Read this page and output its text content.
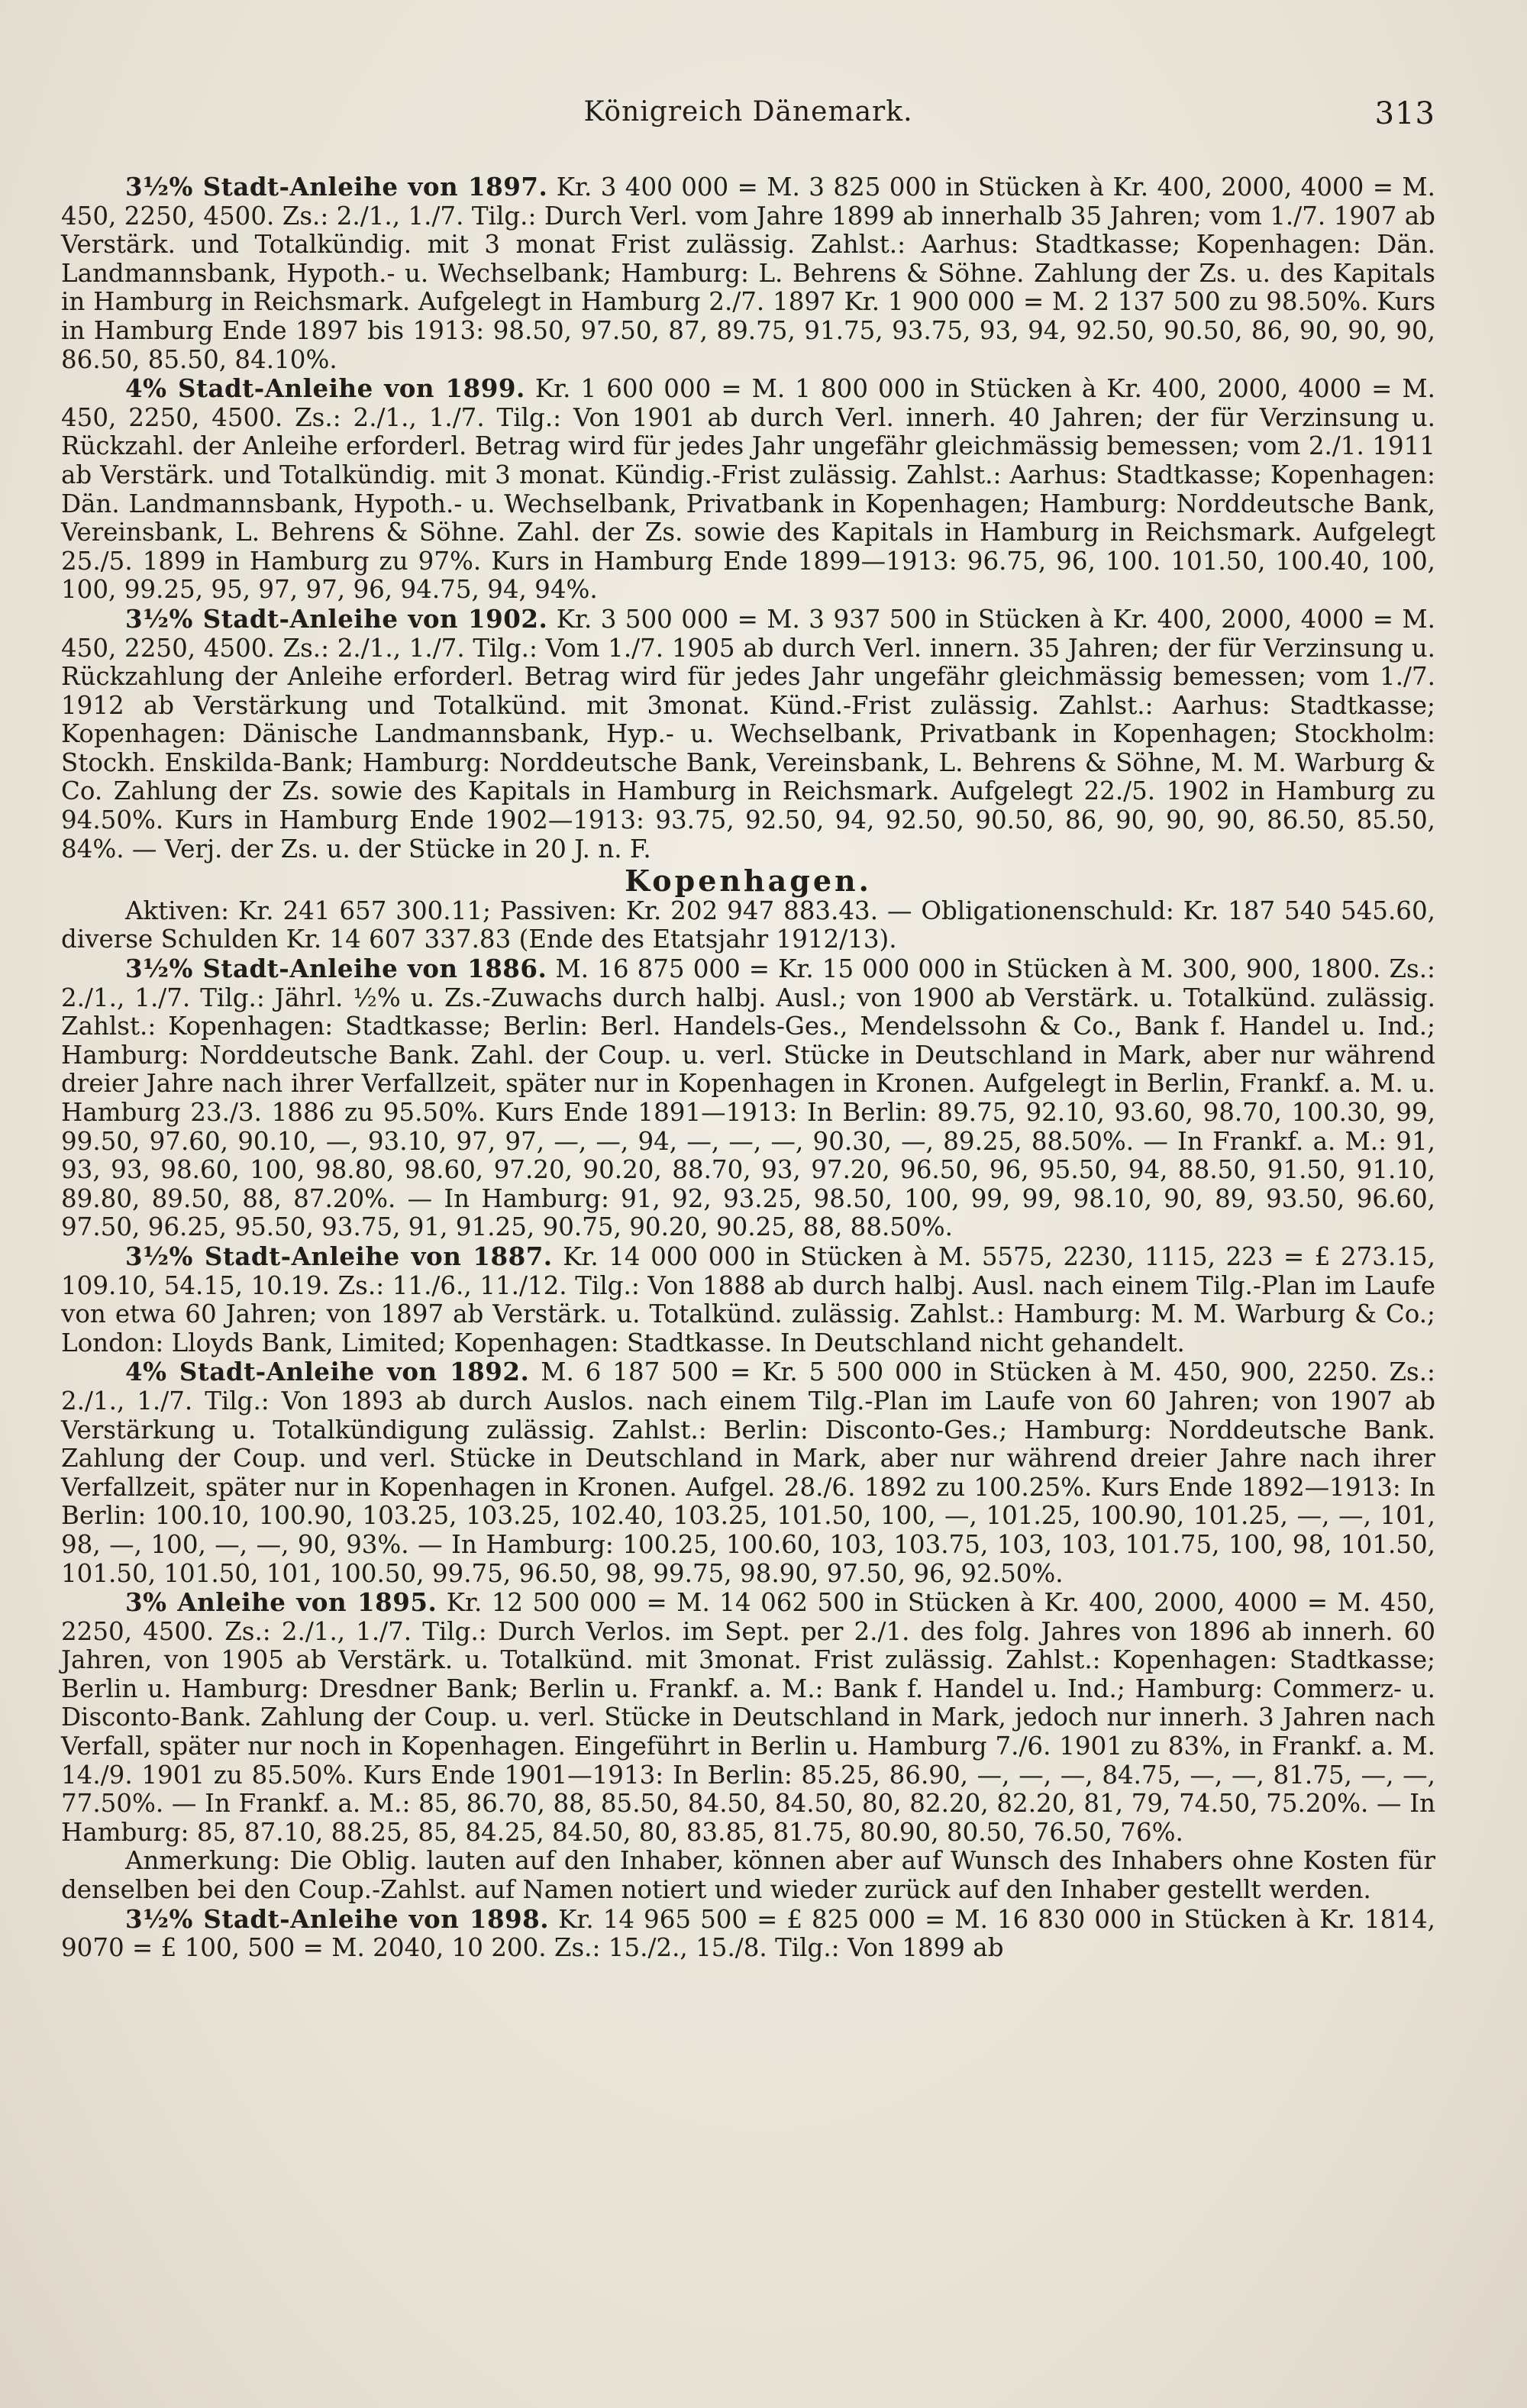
Königreich Dänemark.	313

3½% Stadt-Anleihe von 1897. Kr. 3 400 000 = M. 3 825 000 in Stücken à Kr. 400, 2000, 4000 = M. 450, 2250, 4500. Zs.: 2./1., 1./7. Tilg.: Durch Verl. vom Jahre 1899 ab innerhalb 35 Jahren; vom 1./7. 1907 ab Verstärk. und Totalkündig. mit 3 monat Frist zulässig. Zahlst.: Aarhus: Stadtkasse; Kopenhagen: Dän. Landmannsbank, Hypoth.- u. Wechselbank; Hamburg: L. Behrens & Söhne. Zahlung der Zs. u. des Kapitals in Hamburg in Reichsmark. Aufgelegt in Hamburg 2./7. 1897 Kr. 1 900 000 = M. 2 137 500 zu 98.50%. Kurs in Hamburg Ende 1897 bis 1913: 98.50, 97.50, 87, 89.75, 91.75, 93.75, 93, 94, 92.50, 90.50, 86, 90, 90, 90, 86.50, 85.50, 84.10%.

4% Stadt-Anleihe von 1899. Kr. 1 600 000 = M. 1 800 000 in Stücken à Kr. 400, 2000, 4000 = M. 450, 2250, 4500. Zs.: 2./1., 1./7. Tilg.: Von 1901 ab durch Verl. innerh. 40 Jahren; der für Verzinsung u. Rückzahl. der Anleihe erforderl. Betrag wird für jedes Jahr ungefähr gleichmässig bemessen; vom 2./1. 1911 ab Verstärk. und Totalkündig. mit 3 monat. Kündig.-Frist zulässig. Zahlst.: Aarhus: Stadtkasse; Kopenhagen: Dän. Landmannsbank, Hypoth.- u. Wechselbank, Privatbank in Kopenhagen; Hamburg: Norddeutsche Bank, Vereinsbank, L. Behrens & Söhne. Zahl. der Zs. sowie des Kapitals in Hamburg in Reichsmark. Aufgelegt 25./5. 1899 in Hamburg zu 97%. Kurs in Hamburg Ende 1899—1913: 96.75, 96, 100. 101.50, 100.40, 100, 100, 99.25, 95, 97, 97, 96, 94.75, 94, 94%.

3½% Stadt-Anleihe von 1902. Kr. 3 500 000 = M. 3 937 500 in Stücken à Kr. 400, 2000, 4000 = M. 450, 2250, 4500. Zs.: 2./1., 1./7. Tilg.: Vom 1./7. 1905 ab durch Verl. innern. 35 Jahren; der für Verzinsung u. Rückzahlung der Anleihe erforderl. Betrag wird für jedes Jahr ungefähr gleichmässig bemessen; vom 1./7. 1912 ab Verstärkung und Totalkünd. mit 3monat. Künd.-Frist zulässig. Zahlst.: Aarhus: Stadtkasse; Kopenhagen: Dänische Landmannsbank, Hyp.- u. Wechselbank, Privatbank in Kopenhagen; Stockholm: Stockh. Enskilda-Bank; Hamburg: Norddeutsche Bank, Vereinsbank, L. Behrens & Söhne, M. M. Warburg & Co. Zahlung der Zs. sowie des Kapitals in Hamburg in Reichsmark. Aufgelegt 22./5. 1902 in Hamburg zu 94.50%. Kurs in Hamburg Ende 1902—1913: 93.75, 92.50, 94, 92.50, 90.50, 86, 90, 90, 90, 86.50, 85.50, 84%. — Verj. der Zs. u. der Stücke in 20 J. n. F.

Kopenhagen.

Aktiven: Kr. 241 657 300.11; Passiven: Kr. 202 947 883.43. — Obligationenschuld: Kr. 187 540 545.60, diverse Schulden Kr. 14 607 337.83 (Ende des Etatsjahr 1912/13).

3½% Stadt-Anleihe von 1886. M. 16 875 000 = Kr. 15 000 000 in Stücken à M. 300, 900, 1800. Zs.: 2./1., 1./7. Tilg.: Jährl. ½% u. Zs.-Zuwachs durch halbj. Ausl.; von 1900 ab Verstärk. u. Totalkünd. zulässig. Zahlst.: Kopenhagen: Stadtkasse; Berlin: Berl. Handels-Ges., Mendelssohn & Co., Bank f. Handel u. Ind.; Hamburg: Norddeutsche Bank. Zahl. der Coup. u. verl. Stücke in Deutschland in Mark, aber nur während dreier Jahre nach ihrer Verfallzeit, später nur in Kopenhagen in Kronen. Aufgelegt in Berlin, Frankf. a. M. u. Hamburg 23./3. 1886 zu 95.50%. Kurs Ende 1891—1913: In Berlin: 89.75, 92.10, 93.60, 98.70, 100.30, 99, 99.50, 97.60, 90.10, —, 93.10, 97, 97, —, —, 94, —, —, —, 90.30, —, 89.25, 88.50%. — In Frankf. a. M.: 91, 93, 93, 98.60, 100, 98.80, 98.60, 97.20, 90.20, 88.70, 93, 97.20, 96.50, 96, 95.50, 94, 88.50, 91.50, 91.10, 89.80, 89.50, 88, 87.20%. — In Hamburg: 91, 92, 93.25, 98.50, 100, 99, 99, 98.10, 90, 89, 93.50, 96.60, 97.50, 96.25, 95.50, 93.75, 91, 91.25, 90.75, 90.20, 90.25, 88, 88.50%.

3½% Stadt-Anleihe von 1887. Kr. 14 000 000 in Stücken à M. 5575, 2230, 1115, 223 = £ 273.15, 109.10, 54.15, 10.19. Zs.: 11./6., 11./12. Tilg.: Von 1888 ab durch halbj. Ausl. nach einem Tilg.-Plan im Laufe von etwa 60 Jahren; von 1897 ab Verstärk. u. Totalkünd. zulässig. Zahlst.: Hamburg: M. M. Warburg & Co.; London: Lloyds Bank, Limited; Kopenhagen: Stadtkasse. In Deutschland nicht gehandelt.

4% Stadt-Anleihe von 1892. M. 6 187 500 = Kr. 5 500 000 in Stücken à M. 450, 900, 2250. Zs.: 2./1., 1./7. Tilg.: Von 1893 ab durch Auslos. nach einem Tilg.-Plan im Laufe von 60 Jahren; von 1907 ab Verstärkung u. Totalkündigung zulässig. Zahlst.: Berlin: Disconto-Ges.; Hamburg: Norddeutsche Bank. Zahlung der Coup. und verl. Stücke in Deutschland in Mark, aber nur während dreier Jahre nach ihrer Verfallzeit, später nur in Kopenhagen in Kronen. Aufgel. 28./6. 1892 zu 100.25%. Kurs Ende 1892—1913: In Berlin: 100.10, 100.90, 103.25, 103.25, 102.40, 103.25, 101.50, 100, —, 101.25, 100.90, 101.25, —, —, 101, 98, —, 100, —, —, 90, 93%. — In Hamburg: 100.25, 100.60, 103, 103.75, 103, 103, 101.75, 100, 98, 101.50, 101.50, 101.50, 101, 100.50, 99.75, 96.50, 98, 99.75, 98.90, 97.50, 96, 92.50%.

3% Anleihe von 1895. Kr. 12 500 000 = M. 14 062 500 in Stücken à Kr. 400, 2000, 4000 = M. 450, 2250, 4500. Zs.: 2./1., 1./7. Tilg.: Durch Verlos. im Sept. per 2./1. des folg. Jahres von 1896 ab innerh. 60 Jahren, von 1905 ab Verstärk. u. Totalkünd. mit 3monat. Frist zulässig. Zahlst.: Kopenhagen: Stadtkasse; Berlin u. Hamburg: Dresdner Bank; Berlin u. Frankf. a. M.: Bank f. Handel u. Ind.; Hamburg: Commerz- u. Disconto-Bank. Zahlung der Coup. u. verl. Stücke in Deutschland in Mark, jedoch nur innerh. 3 Jahren nach Verfall, später nur noch in Kopenhagen. Eingeführt in Berlin u. Hamburg 7./6. 1901 zu 83%, in Frankf. a. M. 14./9. 1901 zu 85.50%. Kurs Ende 1901—1913: In Berlin: 85.25, 86.90, —, —, —, 84.75, —, —, 81.75, —, —, 77.50%. — In Frankf. a. M.: 85, 86.70, 88, 85.50, 84.50, 84.50, 80, 82.20, 82.20, 81, 79, 74.50, 75.20%. — In Hamburg: 85, 87.10, 88.25, 85, 84.25, 84.50, 80, 83.85, 81.75, 80.90, 80.50, 76.50, 76%.

Anmerkung: Die Oblig. lauten auf den Inhaber, können aber auf Wunsch des Inhabers ohne Kosten für denselben bei den Coup.-Zahlst. auf Namen notiert und wieder zurück auf den Inhaber gestellt werden.

3½% Stadt-Anleihe von 1898. Kr. 14 965 500 = £ 825 000 = M. 16 830 000 in Stücken à Kr. 1814, 9070 = £ 100, 500 = M. 2040, 10 200. Zs.: 15./2., 15./8. Tilg.: Von 1899 ab
